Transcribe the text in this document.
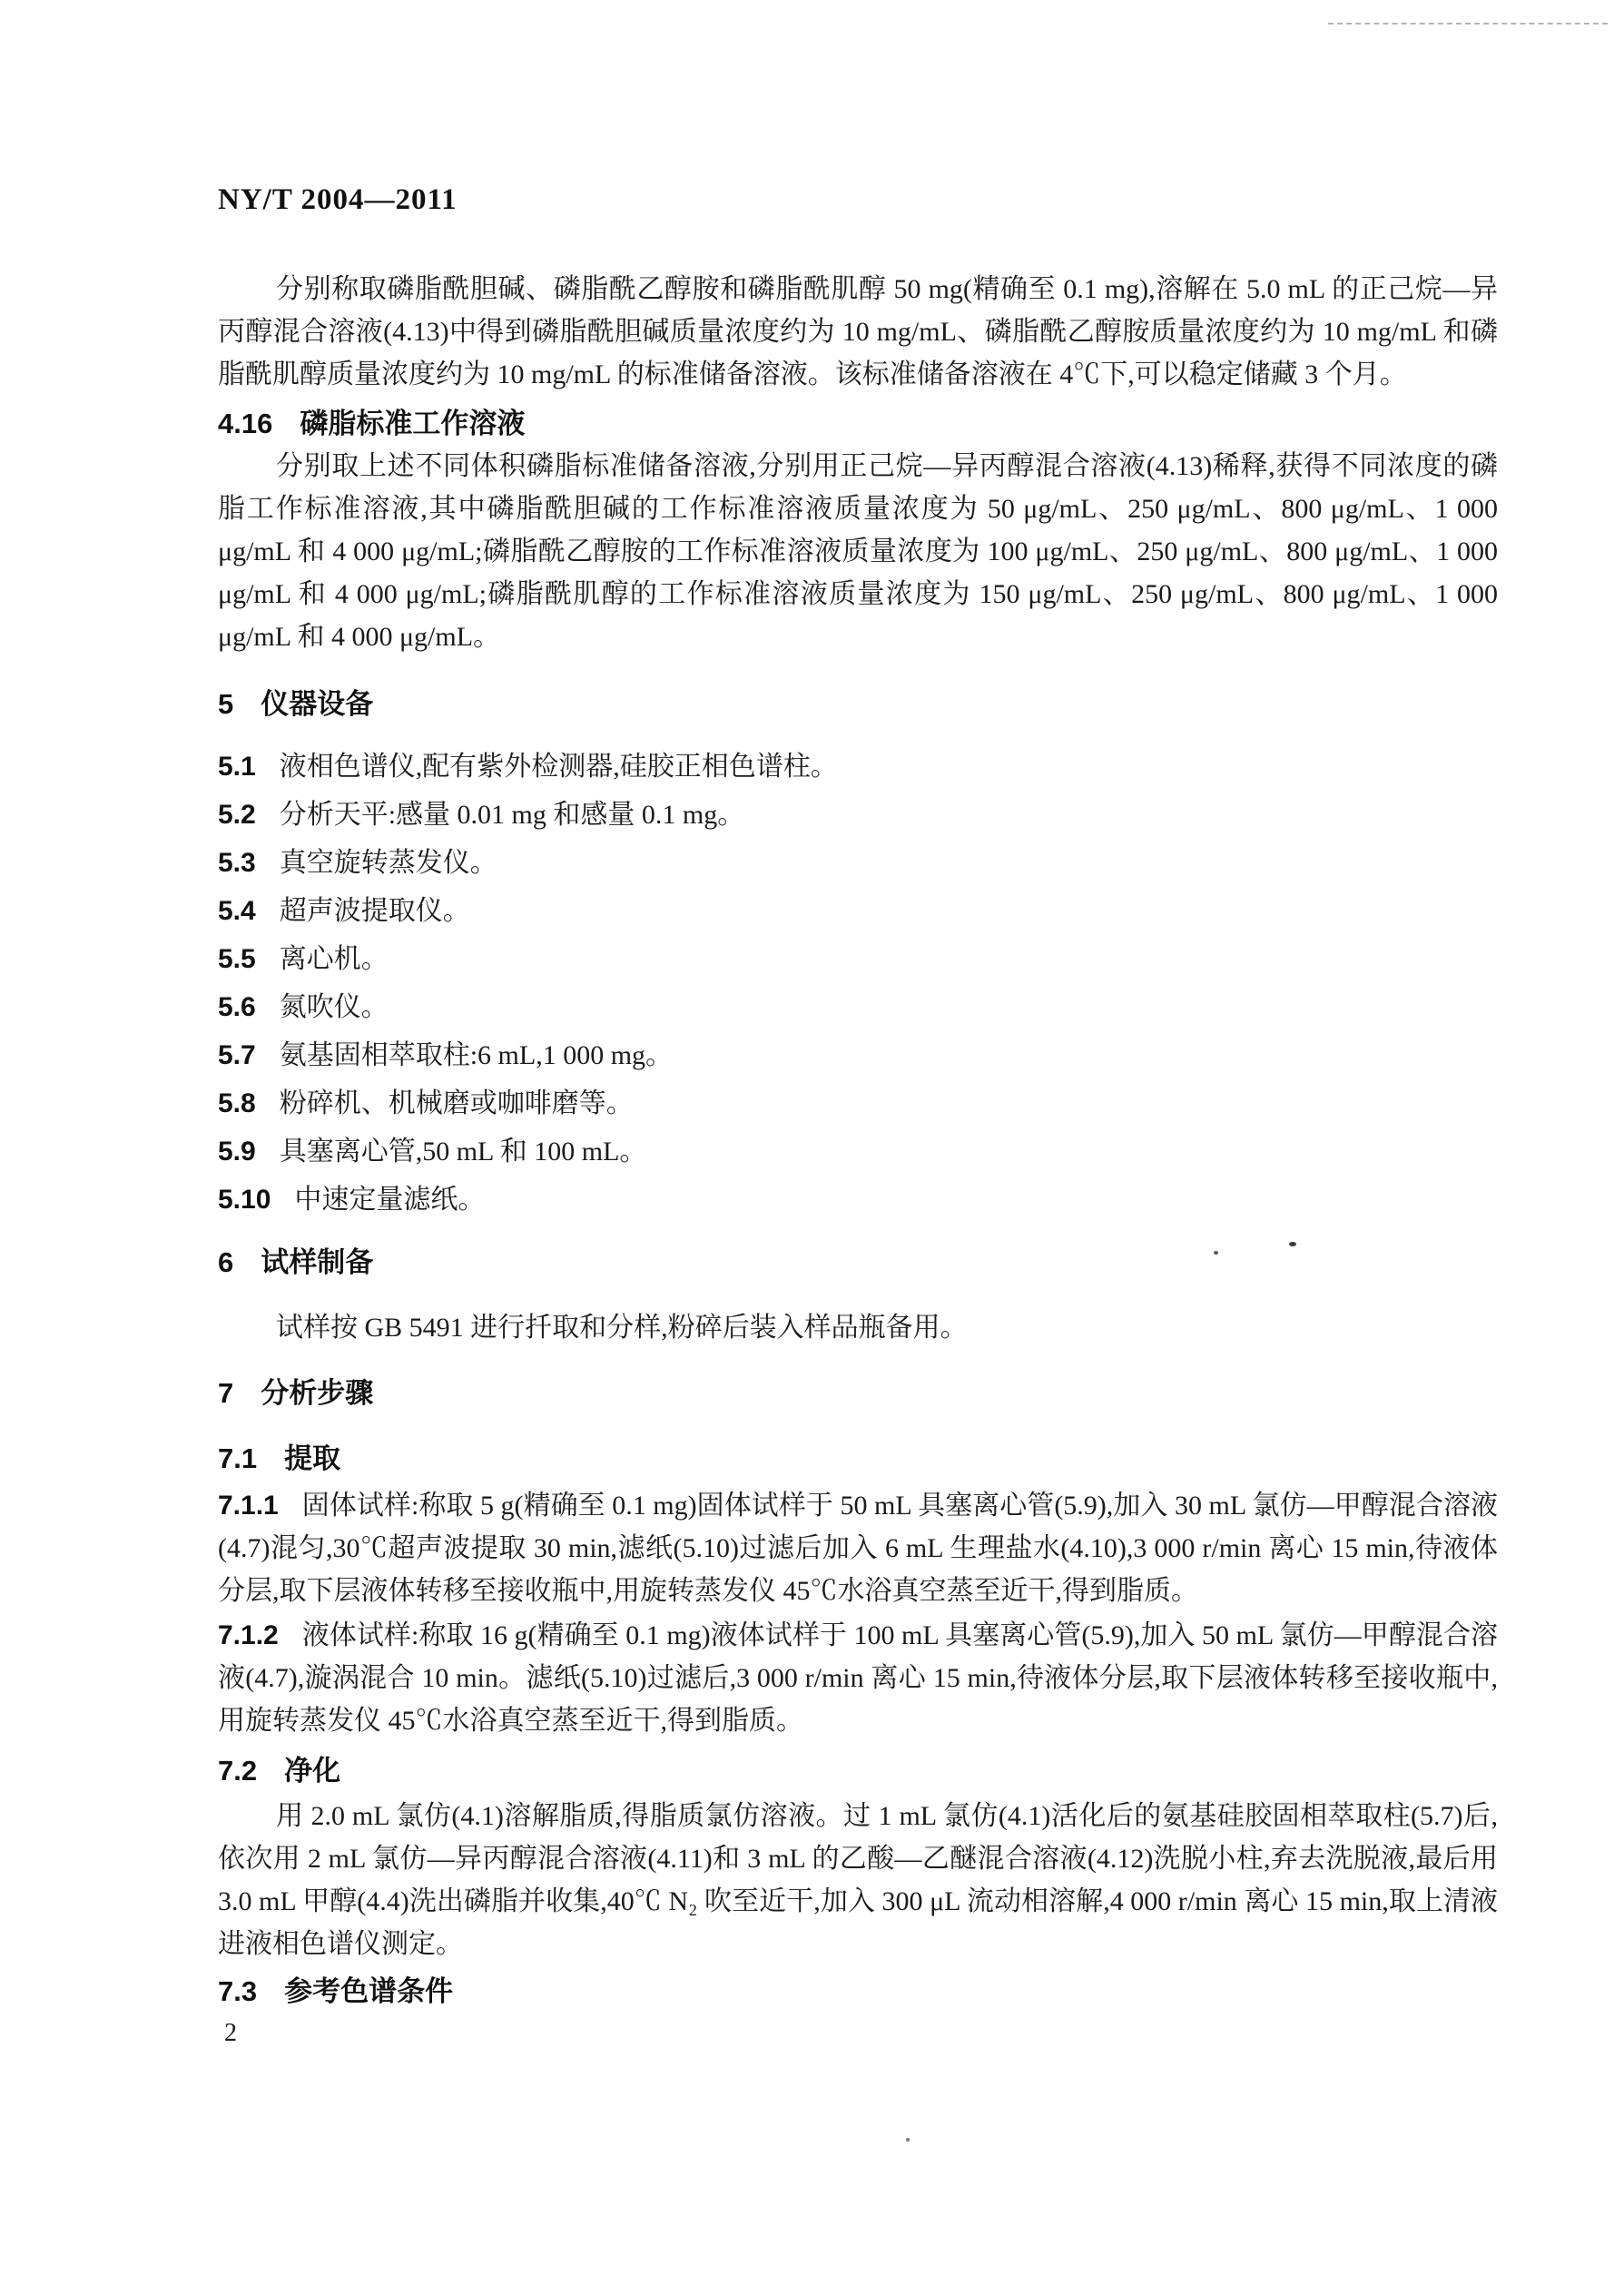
NY/T 2004—2011

分别称取磷脂酰胆碱、磷脂酰乙醇胺和磷脂酰肌醇 50 mg(精确至 0.1 mg),溶解在 5.0 mL 的正己烷—异丙醇混合溶液(4.13)中得到磷脂酰胆碱质量浓度约为 10 mg/mL、磷脂酰乙醇胺质量浓度约为 10 mg/mL 和磷脂酰肌醇质量浓度约为 10 mg/mL 的标准储备溶液。该标准储备溶液在 4℃下,可以稳定储藏 3 个月。

4.16 磷脂标准工作溶液

分别取上述不同体积磷脂标准储备溶液,分别用正己烷—异丙醇混合溶液(4.13)稀释,获得不同浓度的磷脂工作标准溶液,其中磷脂酰胆碱的工作标准溶液质量浓度为 50 μg/mL、250 μg/mL、800 μg/mL、1 000 μg/mL 和 4 000 μg/mL;磷脂酰乙醇胺的工作标准溶液质量浓度为 100 μg/mL、250 μg/mL、800 μg/mL、1 000 μg/mL 和 4 000 μg/mL;磷脂酰肌醇的工作标准溶液质量浓度为 150 μg/mL、250 μg/mL、800 μg/mL、1 000 μg/mL 和 4 000 μg/mL。

5 仪器设备

5.1 液相色谱仪,配有紫外检测器,硅胶正相色谱柱。

5.2 分析天平:感量 0.01 mg 和感量 0.1 mg。

5.3 真空旋转蒸发仪。

5.4 超声波提取仪。

5.5 离心机。

5.6 氮吹仪。

5.7 氨基固相萃取柱:6 mL,1 000 mg。

5.8 粉碎机、机械磨或咖啡磨等。

5.9 具塞离心管,50 mL 和 100 mL。

5.10 中速定量滤纸。

6 试样制备

试样按 GB 5491 进行扦取和分样,粉碎后装入样品瓶备用。

7 分析步骤
7.1 提取

7.1.1 固体试样:称取 5 g(精确至 0.1 mg)固体试样于 50 mL 具塞离心管(5.9),加入 30 mL 氯仿—甲醇混合溶液(4.7)混匀,30℃超声波提取 30 min,滤纸(5.10)过滤后加入 6 mL 生理盐水(4.10),3 000 r/min 离心 15 min,待液体分层,取下层液体转移至接收瓶中,用旋转蒸发仪 45℃水浴真空蒸至近干,得到脂质。

7.1.2 液体试样:称取 16 g(精确至 0.1 mg)液体试样于 100 mL 具塞离心管(5.9),加入 50 mL 氯仿—甲醇混合溶液(4.7),漩涡混合 10 min。滤纸(5.10)过滤后,3 000 r/min 离心 15 min,待液体分层,取下层液体转移至接收瓶中,用旋转蒸发仪 45℃水浴真空蒸至近干,得到脂质。

7.2 净化

用 2.0 mL 氯仿(4.1)溶解脂质,得脂质氯仿溶液。过 1 mL 氯仿(4.1)活化后的氨基硅胶固相萃取柱(5.7)后,依次用 2 mL 氯仿—异丙醇混合溶液(4.11)和 3 mL 的乙酸—乙醚混合溶液(4.12)洗脱小柱,弃去洗脱液,最后用 3.0 mL 甲醇(4.4)洗出磷脂并收集,40℃ N₂ 吹至近干,加入 300 μL 流动相溶解,4 000 r/min 离心 15 min,取上清液进液相色谱仪测定。

7.3 参考色谱条件
2
